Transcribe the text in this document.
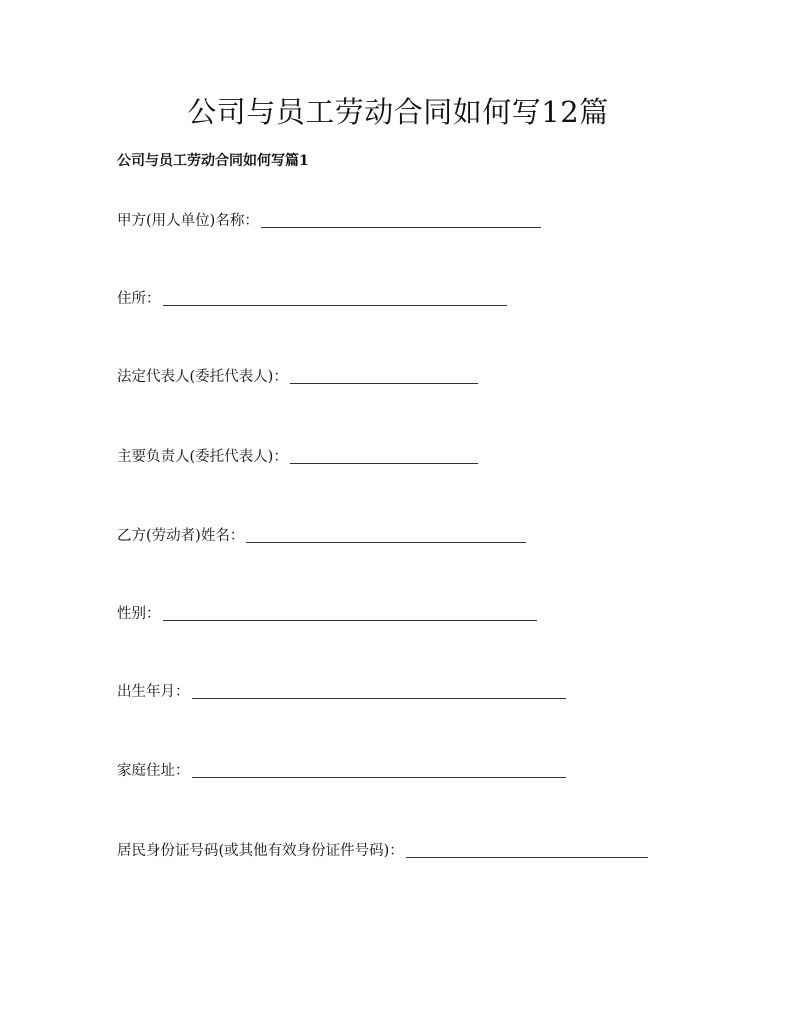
公司与员工劳动合同如何写12篇
公司与员工劳动合同如何写篇1
甲方(用人单位)名称：
住所：
法定代表人(委托代表人)：
主要负责人(委托代表人)：
乙方(劳动者)姓名：
性别：
出生年月：
家庭住址：
居民身份证号码(或其他有效身份证件号码)：
